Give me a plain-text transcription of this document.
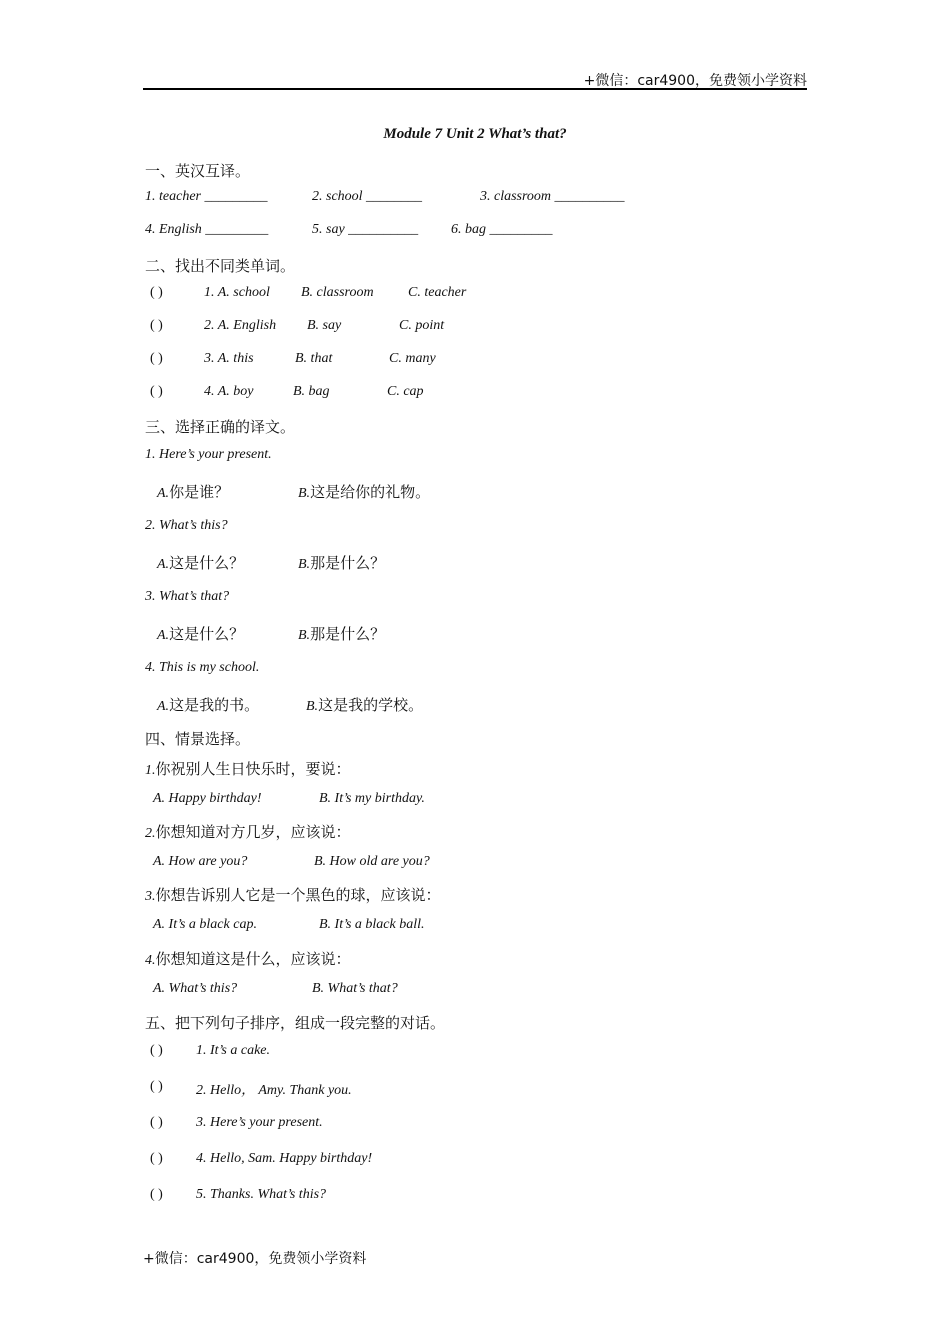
+微信：car4900，免费领小学资料
Module 7 Unit 2 What’s that?
一、英汉互译。
1. teacher _________	2. school ________	3. classroom __________
4. English _________	5. say __________ 6. bag _________
二、找出不同类单词。
( )	1. A. school B. classroom C. teacher
( )	2. A. English B. say	C. point
( )	3. A. this	B. that	C. many
( )	4. A. boy	B. bag	C. cap
三、选择正确的译文。
1. Here’s your present.
A.你是谁？	B.这是给你的礼物。
2. What’s this?
A.这是什么？	B.那是什么？
3. What’s that?
A.这是什么？	B.那是什么？
4. This is my school.
A.这是我的书。	B.这是我的学校。
四、情景选择。
1.你祝别人生日快乐时，要说：
A. Happy birthday!	B. It’s my birthday.
2.你想知道对方几岁，应该说：
A. How are you?	B. How old are you?
3.你想告诉别人它是一个黑色的球，应该说：
A. It’s a black cap.	B. It’s a black ball.
4.你想知道这是什么，应该说：
A. What’s this?	B. What’s that?
五、把下列句子排序，组成一段完整的对话。
( ) 1. It’s a cake.
( ) 2. Hello， Amy. Thank you.
( ) 3. Here’s your present.
( ) 4. Hello, Sam. Happy birthday!
( ) 5. Thanks. What’s this?
+微信：car4900，免费领小学资料
